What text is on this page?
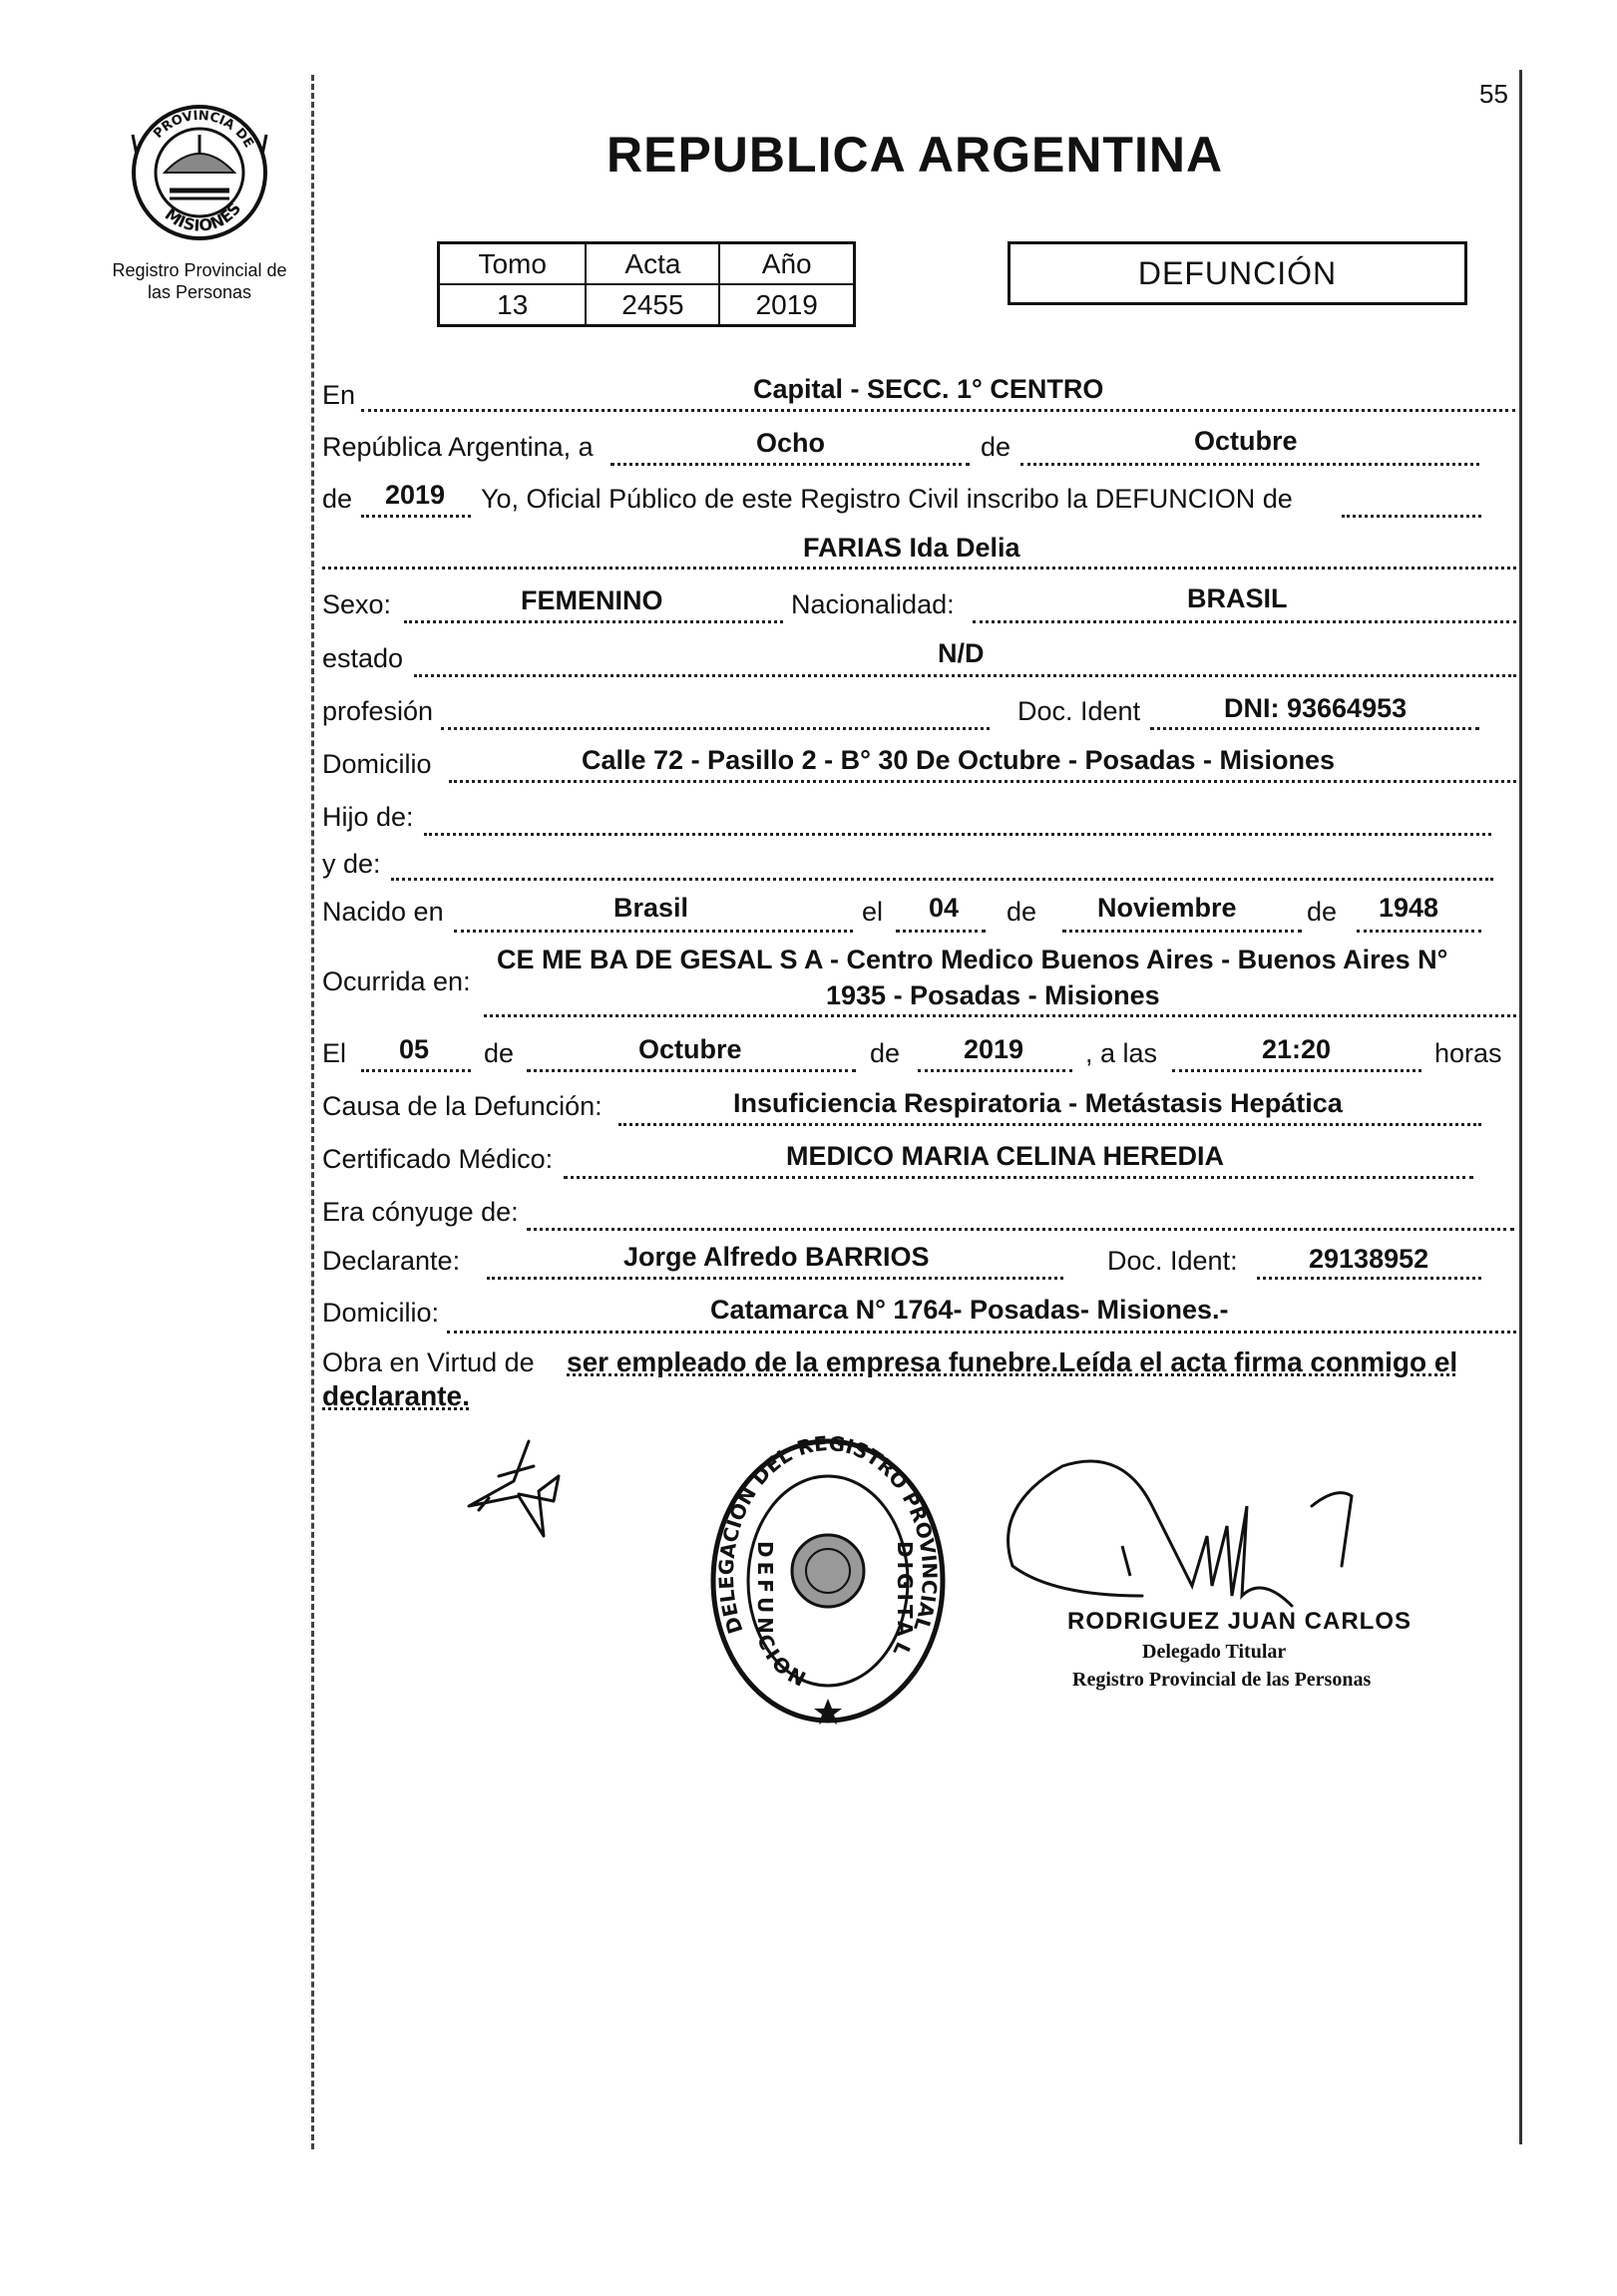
55
PROVINCIA DE
MISIONES
Registro Provincial de
las Personas
REPUBLICA ARGENTINA
Tomo	Acta	Año
13	2455	2019
DEFUNCIÓN
En	Capital - SECC. 1° CENTRO
República Argentina, a	Ocho	de	Octubre
de 2019 Yo, Oficial Público de este Registro Civil inscribo la DEFUNCION de
FARIAS Ida Delia
Sexo:	FEMENINO	Nacionalidad:	BRASIL
estado	N/D
profesión	Doc. Ident	DNI: 93664953
Domicilio	Calle 72 - Pasillo 2 - B° 30 De Octubre - Posadas - Misiones
Hijo de:
y de:
Nacido en	Brasil	el 04 de Noviembre	de 1948
Ocurrida en:
CE ME BA DE GESAL S A - Centro Medico Buenos Aires - Buenos Aires N°
1935 - Posadas - Misiones
El 05 de	Octubre	de 2019 , a las	21:20	horas
Causa de la Defunción:	Insuficiencia Respiratoria - Metástasis Hepática
Certificado Médico:	MEDICO MARIA CELINA HEREDIA
Era cónyuge de:
Declarante:	Jorge Alfredo BARRIOS	Doc. Ident:	29138952
Domicilio:	Catamarca N° 1764- Posadas- Misiones.-
Obra en Virtud de ser empleado de la empresa funebre.Leída el acta firma conmigo el
declarante.
DELEGACION DEL REGISTRO PROVINCIAL
DEFUNCION
DIGITAL
RODRIGUEZ JUAN CARLOS
Delegado Titular
Registro Provincial de las Personas
